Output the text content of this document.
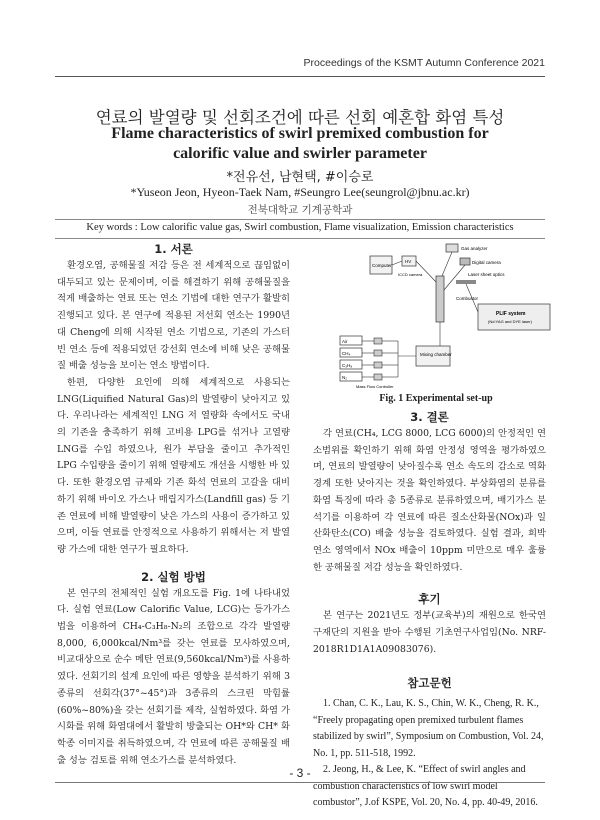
Proceedings of the KSMT Autumn Conference 2021
연료의 발열량 및 선회조건에 따른 선회 예혼합 화염 특성
Flame characteristics of swirl premixed combustion for
calorific value and swirler parameter
*전유선, 남현택, #이승로
*Yuseon Jeon, Hyeon-Taek Nam, #Seungro Lee(seungrol@jbnu.ac.kr)
전북대학교 기계공학과
Key words : Low calorific value gas, Swirl combustion, Flame visualization, Emission characteristics
1. 서론

환경오염, 공해물질 저감 등은 전 세계적으로 끊임없이 대두되고 있는 문제이며, 이를 해결하기 위해 공해물질을 적게 배출하는 연료 또는 연소 기법에 대한 연구가 활발히 진행되고 있다. 본 연구에 적용된 저선회 연소는 1990년대 Cheng에 의해 시작된 연소 기법으로, 기존의 가스터빈 연소 등에 적용되었던 강선회 연소에 비해 낮은 공해물질 배출 성능을 보이는 연소 방법이다.

한편, 다양한 요인에 의해 세계적으로 사용되는 LNG(Liquified Natural Gas)의 발열량이 낮아지고 있다. 우리나라는 세계적인 LNG 저 열량화 속에서도 국내의 기존을 충족하기 위해 고비용 LPG를 섞거나 고열량 LNG를 수입 하였으나, 원가 부담을 줄이고 추가적인 LPG 수입량을 줄이기 위해 열량제도 개선을 시행한 바 있다. 또한 환경오염 규제와 기존 화석 연료의 고갈을 대비하기 위해 바이오 가스나 매립지가스(Landfill gas) 등 기존 연료에 비해 발열량이 낮은 가스의 사용이 증가하고 있으며, 이들 연료를 안정적으로 사용하기 위해서는 저 발열량 가스에 대한 연구가 필요하다.

2. 실험 방법

본 연구의 전체적인 실험 개요도를 Fig. 1에 나타내었다. 실험 연료(Low Calorific Value, LCG)는 등가가스법을 이용하여 CH₄-C₃H₈-N₂의 조합으로 각각 발열량 8,000, 6,000kcal/Nm³를 갖는 연료를 모사하였으며, 비교대상으로 순수 메탄 연료(9,560kcal/Nm³)를 사용하였다. 선회기의 설계 요인에 따른 영향을 분석하기 위해 3종류의 선회각(37°~45°)과 3종류의 스크린 막힘률(60%~80%)을 갖는 선회기를 제작, 실험하였다. 화염 가시화를 위해 화염대에서 활발히 방출되는 OH*와 CH* 화학종 이미지를 취득하였으며, 각 연료에 따른 공해물질 배출 성능 검토를 위해 연소가스를 분석하였다.

Gas analyzer
Computer
HV
ICCD camera
Digital camera
Laser sheet optics
Combustor
PLIF system
(Nd:YAG and DYE laser)
Air
CH₄
C₃H₈
N₂
Mass Flow Controller
Mixing chamber
Fig. 1 Experimental set-up
3. 결론

각 연료(CH₄, LCG 8000, LCG 6000)의 안정적인 연소범위를 확인하기 위해 화염 안정성 영역을 평가하였으며, 연료의 발열량이 낮아질수록 연소 속도의 감소로 역화 경계 또한 낮아지는 것을 확인하였다. 부상화염의 분류를 화염 특징에 따라 총 5종류로 분류하였으며, 배기가스 분석기를 이용하여 각 연료에 따른 질소산화물(NOx)과 일산화탄소(CO) 배출 성능을 검토하였다. 실험 결과, 희박 연소 영역에서 NOx 배출이 10ppm 미만으로 매우 훌륭한 공해물질 저감 성능을 확인하였다.

후기

본 연구는 2021년도 정부(교육부)의 재원으로 한국연구재단의 지원을 받아 수행된 기초연구사업임(No. NRF-2018R1D1A1A09083076).

참고문헌

1. Chan, C. K., Lau, K. S., Chin, W. K., Cheng, R. K., “Freely propagating open premixed turbulent flames stabilized by swirl”, Symposium on Combustion, Vol. 24, No. 1, pp. 511-518, 1992.

2. Jeong, H., & Lee, K. “Effect of swirl angles and combustion characteristics of low swirl model combustor”, J.of KSPE, Vol. 20, No. 4, pp. 40-49, 2016.

- 3 -
